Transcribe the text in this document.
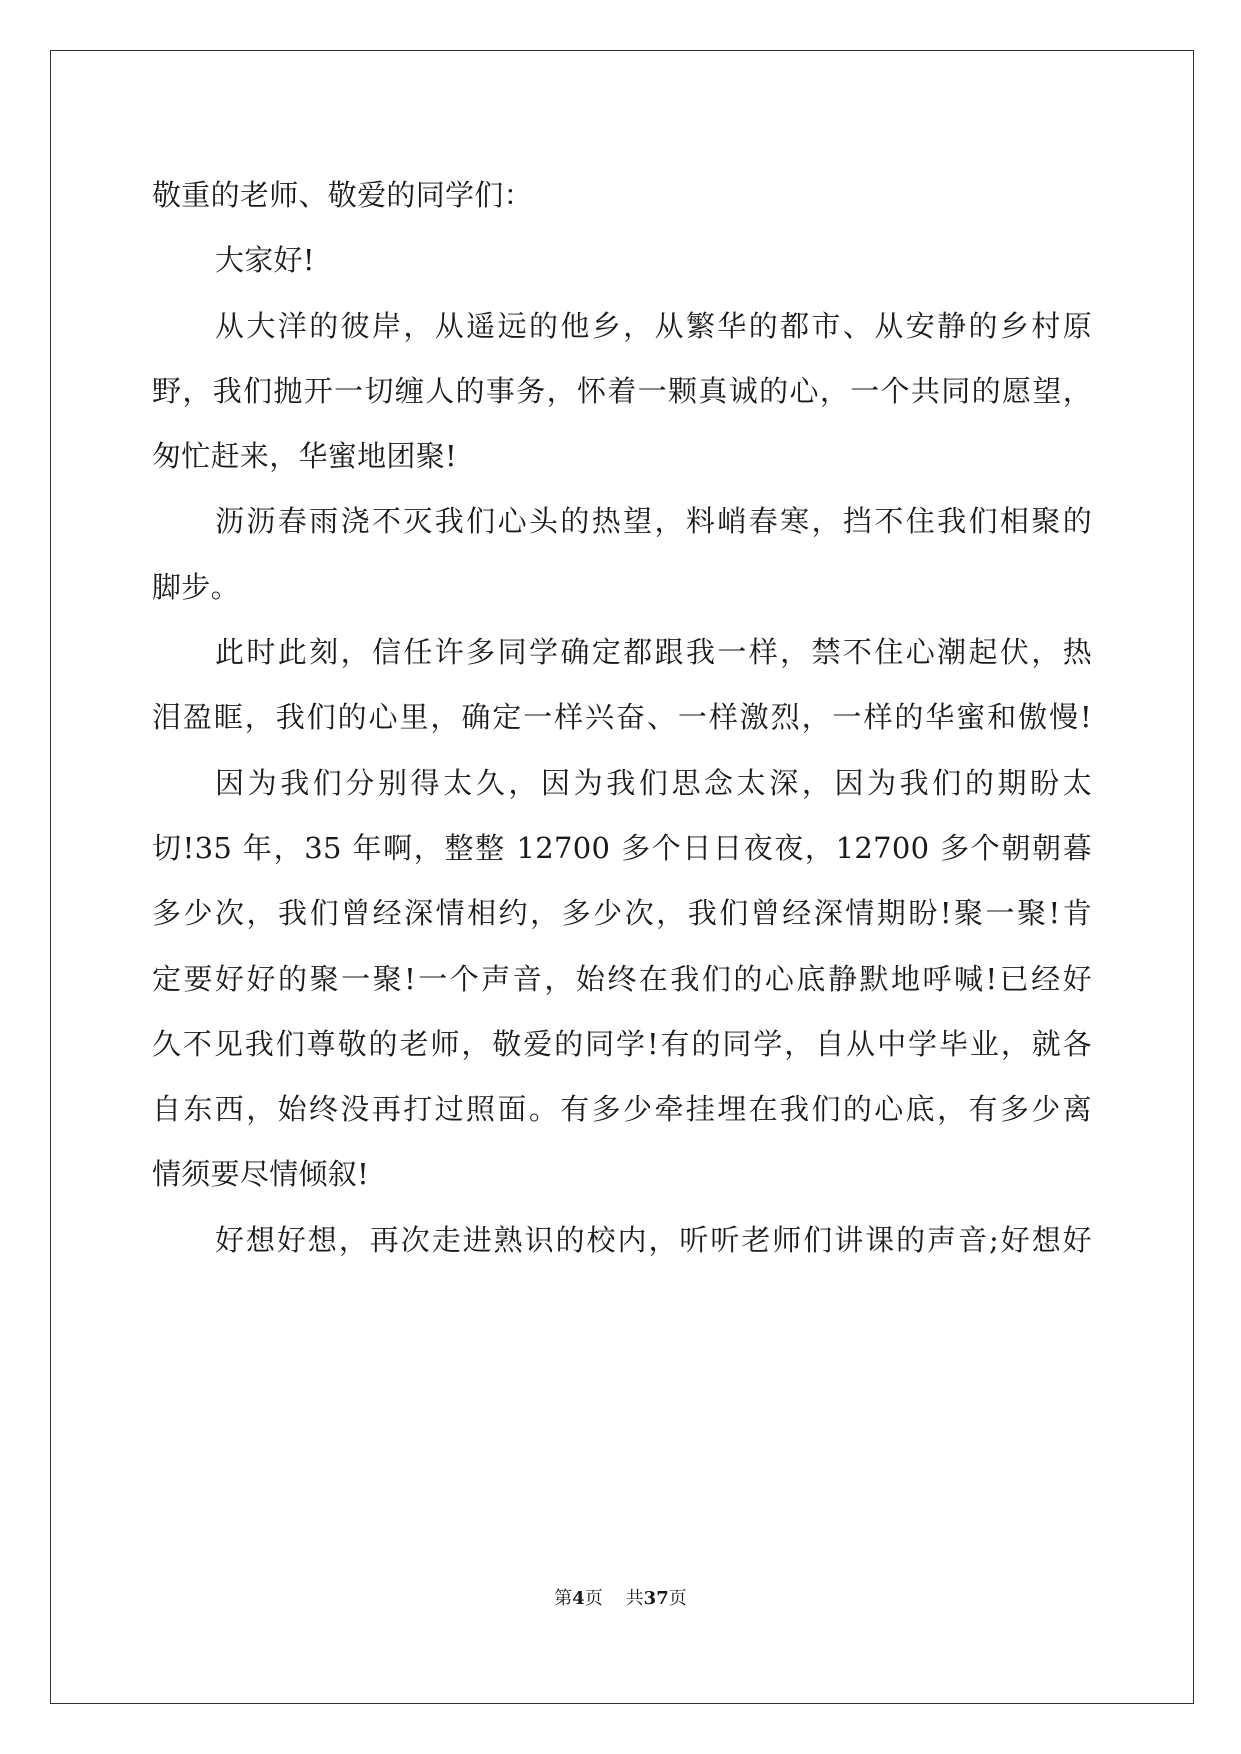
敬重的老师、敬爱的同学们：
大家好!
从大洋的彼岸，从遥远的他乡，从繁华的都市、从安静的乡村原
野，我们抛开一切缠人的事务，怀着一颗真诚的心，一个共同的愿望，
匆忙赶来，华蜜地团聚!
沥沥春雨浇不灭我们心头的热望，料峭春寒，挡不住我们相聚的
脚步。
此时此刻，信任许多同学确定都跟我一样，禁不住心潮起伏，热
泪盈眶，我们的心里，确定一样兴奋、一样激烈，一样的华蜜和傲慢!
因为我们分别得太久，因为我们思念太深，因为我们的期盼太
切!35 年，35 年啊，整整 12700 多个日日夜夜，12700 多个朝朝暮
多少次，我们曾经深情相约，多少次，我们曾经深情期盼!聚一聚!肯
定要好好的聚一聚!一个声音，始终在我们的心底静默地呼喊!已经好
久不见我们尊敬的老师，敬爱的同学!有的同学，自从中学毕业，就各
自东西，始终没再打过照面。有多少牵挂埋在我们的心底，有多少离
情须要尽情倾叙!
好想好想，再次走进熟识的校内，听听老师们讲课的声音;好想好
第4页 共37页
